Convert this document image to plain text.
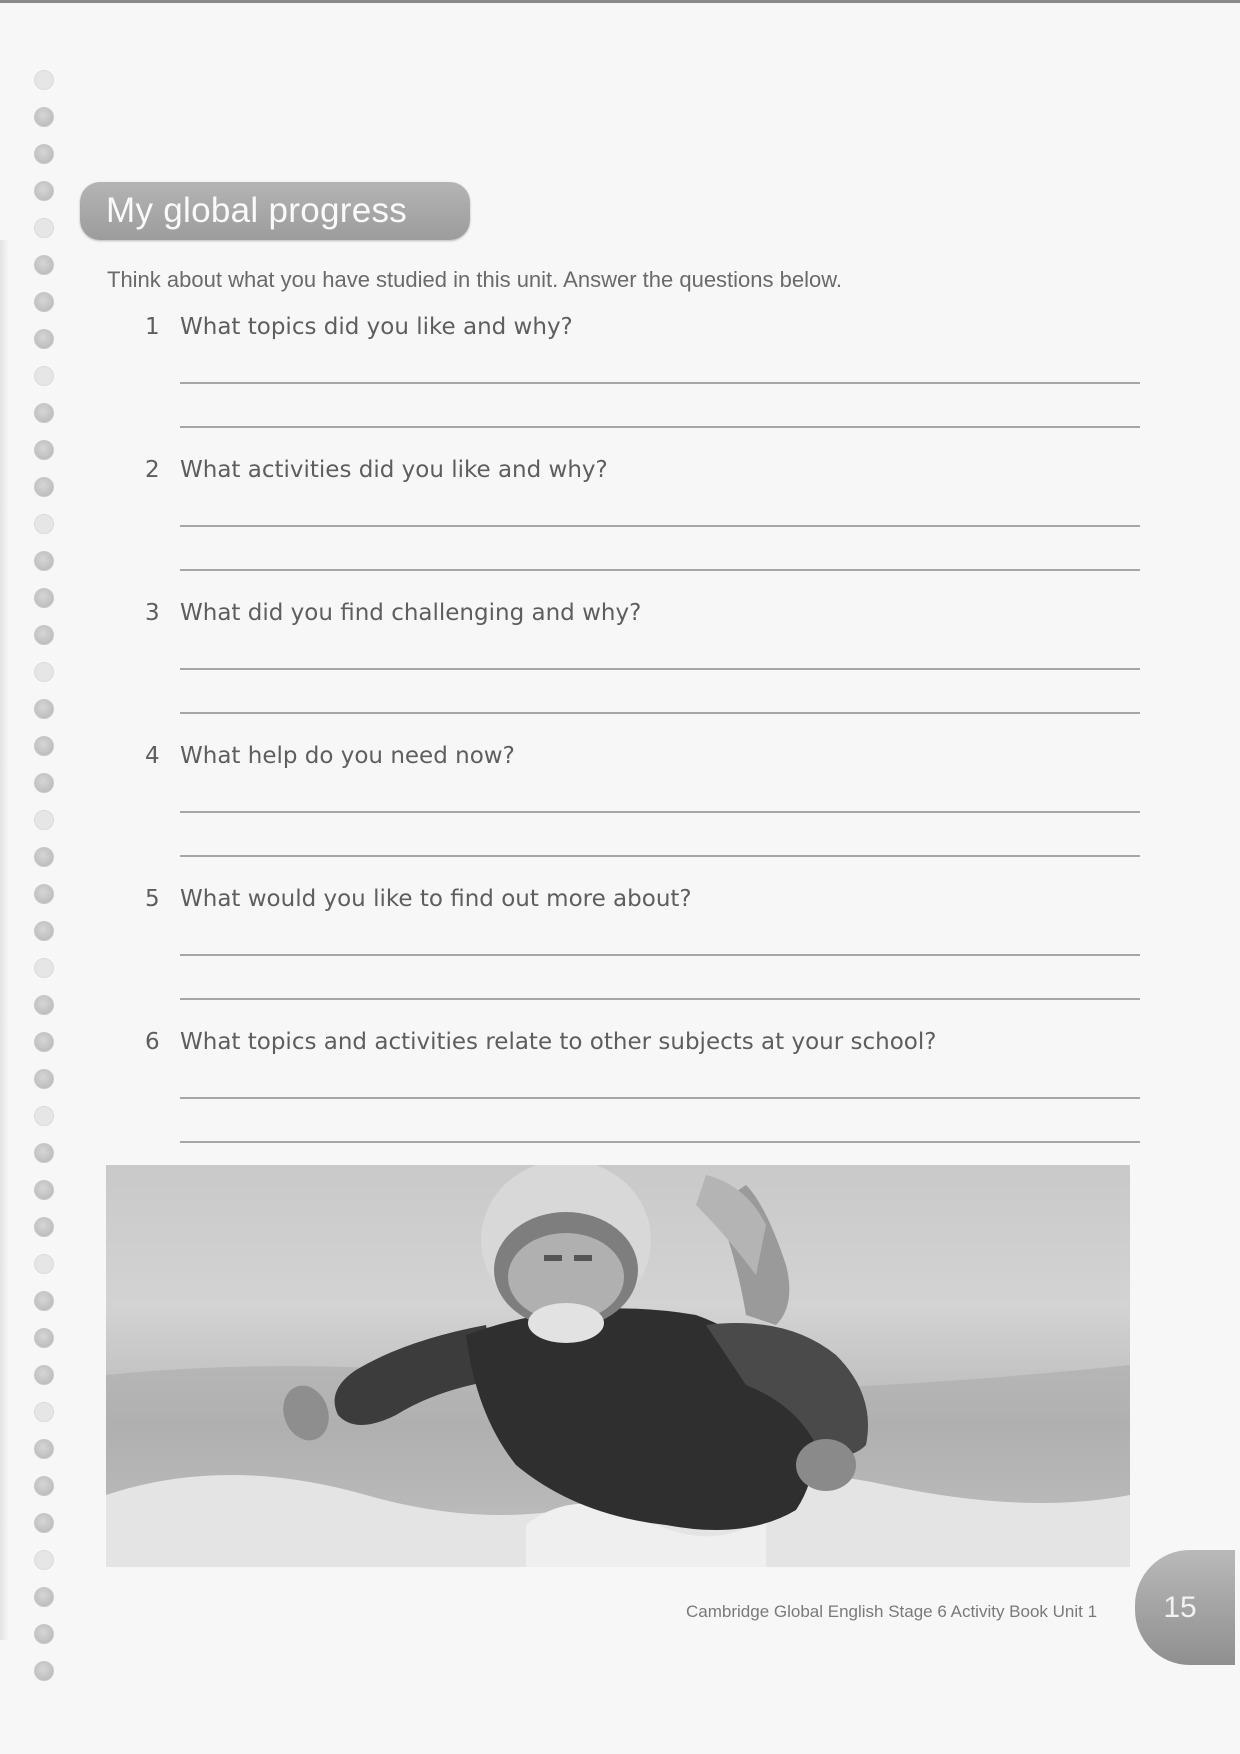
My global progress
Think about what you have studied in this unit. Answer the questions below.
1 What topics did you like and why?
2 What activities did you like and why?
3 What did you find challenging and why?
4 What help do you need now?
5 What would you like to find out more about?
6 What topics and activities relate to other subjects at your school?
Cambridge Global English Stage 6 Activity Book Unit 1 15
